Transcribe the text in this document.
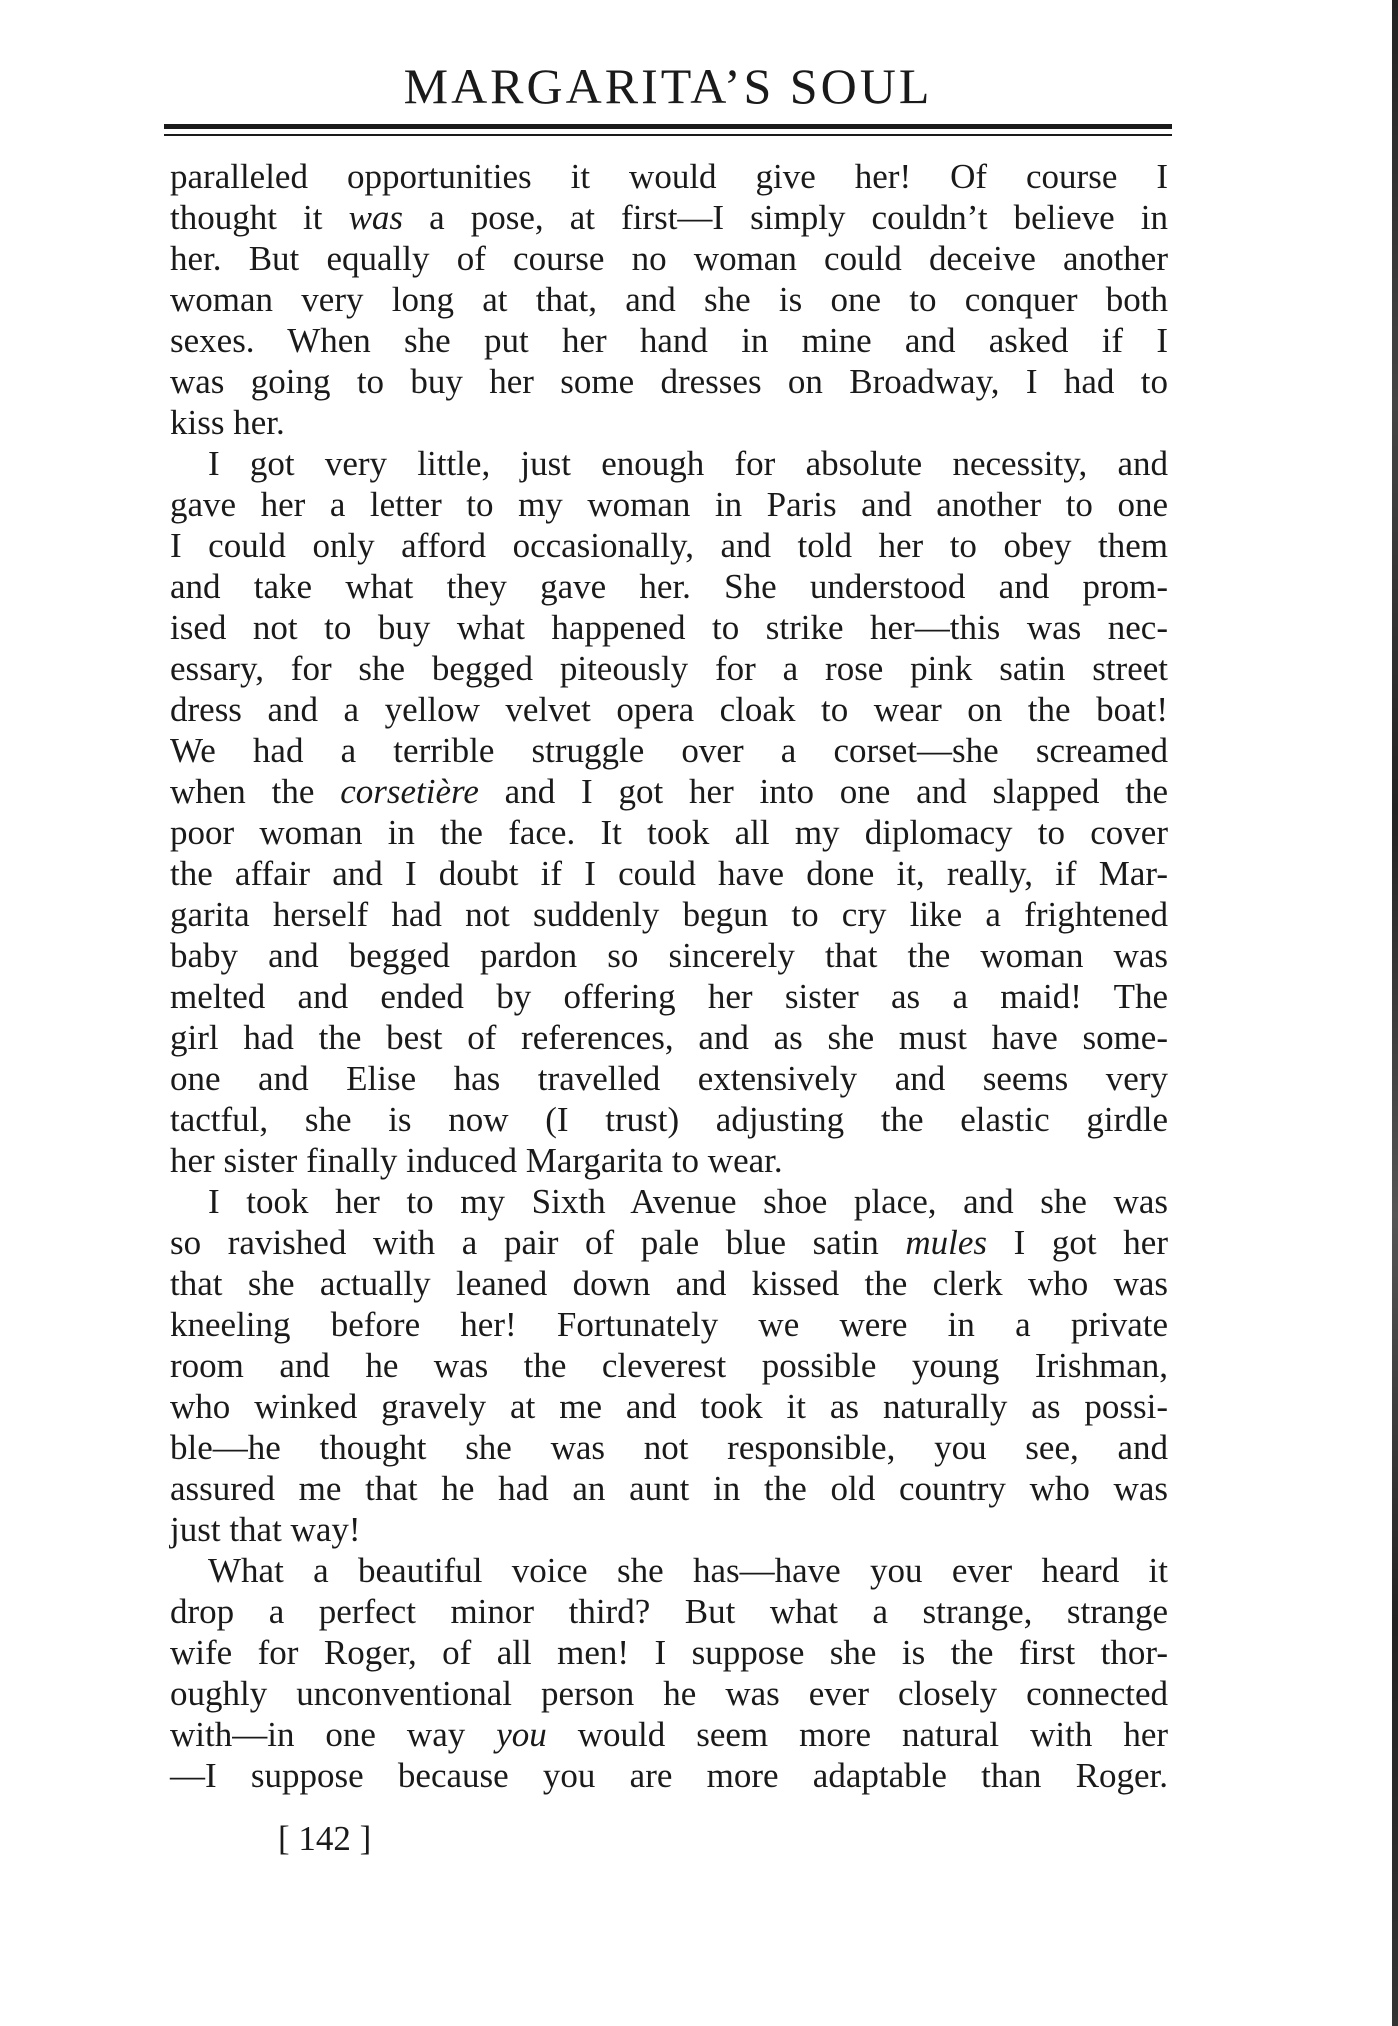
MARGARITA’S SOUL
paralleled opportunities it would give her! Of course I
thought it was a pose, at first—I simply couldn’t believe in
her. But equally of course no woman could deceive another
woman very long at that, and she is one to conquer both
sexes. When she put her hand in mine and asked if I
was going to buy her some dresses on Broadway, I had to
kiss her.
I got very little, just enough for absolute necessity, and
gave her a letter to my woman in Paris and another to one
I could only afford occasionally, and told her to obey them
and take what they gave her. She understood and prom-
ised not to buy what happened to strike her—this was nec-
essary, for she begged piteously for a rose pink satin street
dress and a yellow velvet opera cloak to wear on the boat!
We had a terrible struggle over a corset—she screamed
when the corsetière and I got her into one and slapped the
poor woman in the face. It took all my diplomacy to cover
the affair and I doubt if I could have done it, really, if Mar-
garita herself had not suddenly begun to cry like a frightened
baby and begged pardon so sincerely that the woman was
melted and ended by offering her sister as a maid! The
girl had the best of references, and as she must have some-
one and Elise has travelled extensively and seems very
tactful, she is now (I trust) adjusting the elastic girdle
her sister finally induced Margarita to wear.
I took her to my Sixth Avenue shoe place, and she was
so ravished with a pair of pale blue satin mules I got her
that she actually leaned down and kissed the clerk who was
kneeling before her! Fortunately we were in a private
room and he was the cleverest possible young Irishman,
who winked gravely at me and took it as naturally as possi-
ble—he thought she was not responsible, you see, and
assured me that he had an aunt in the old country who was
just that way!
What a beautiful voice she has—have you ever heard it
drop a perfect minor third? But what a strange, strange
wife for Roger, of all men! I suppose she is the first thor-
oughly unconventional person he was ever closely connected
with—in one way you would seem more natural with her
—I suppose because you are more adaptable than Roger.
[ 142 ]
